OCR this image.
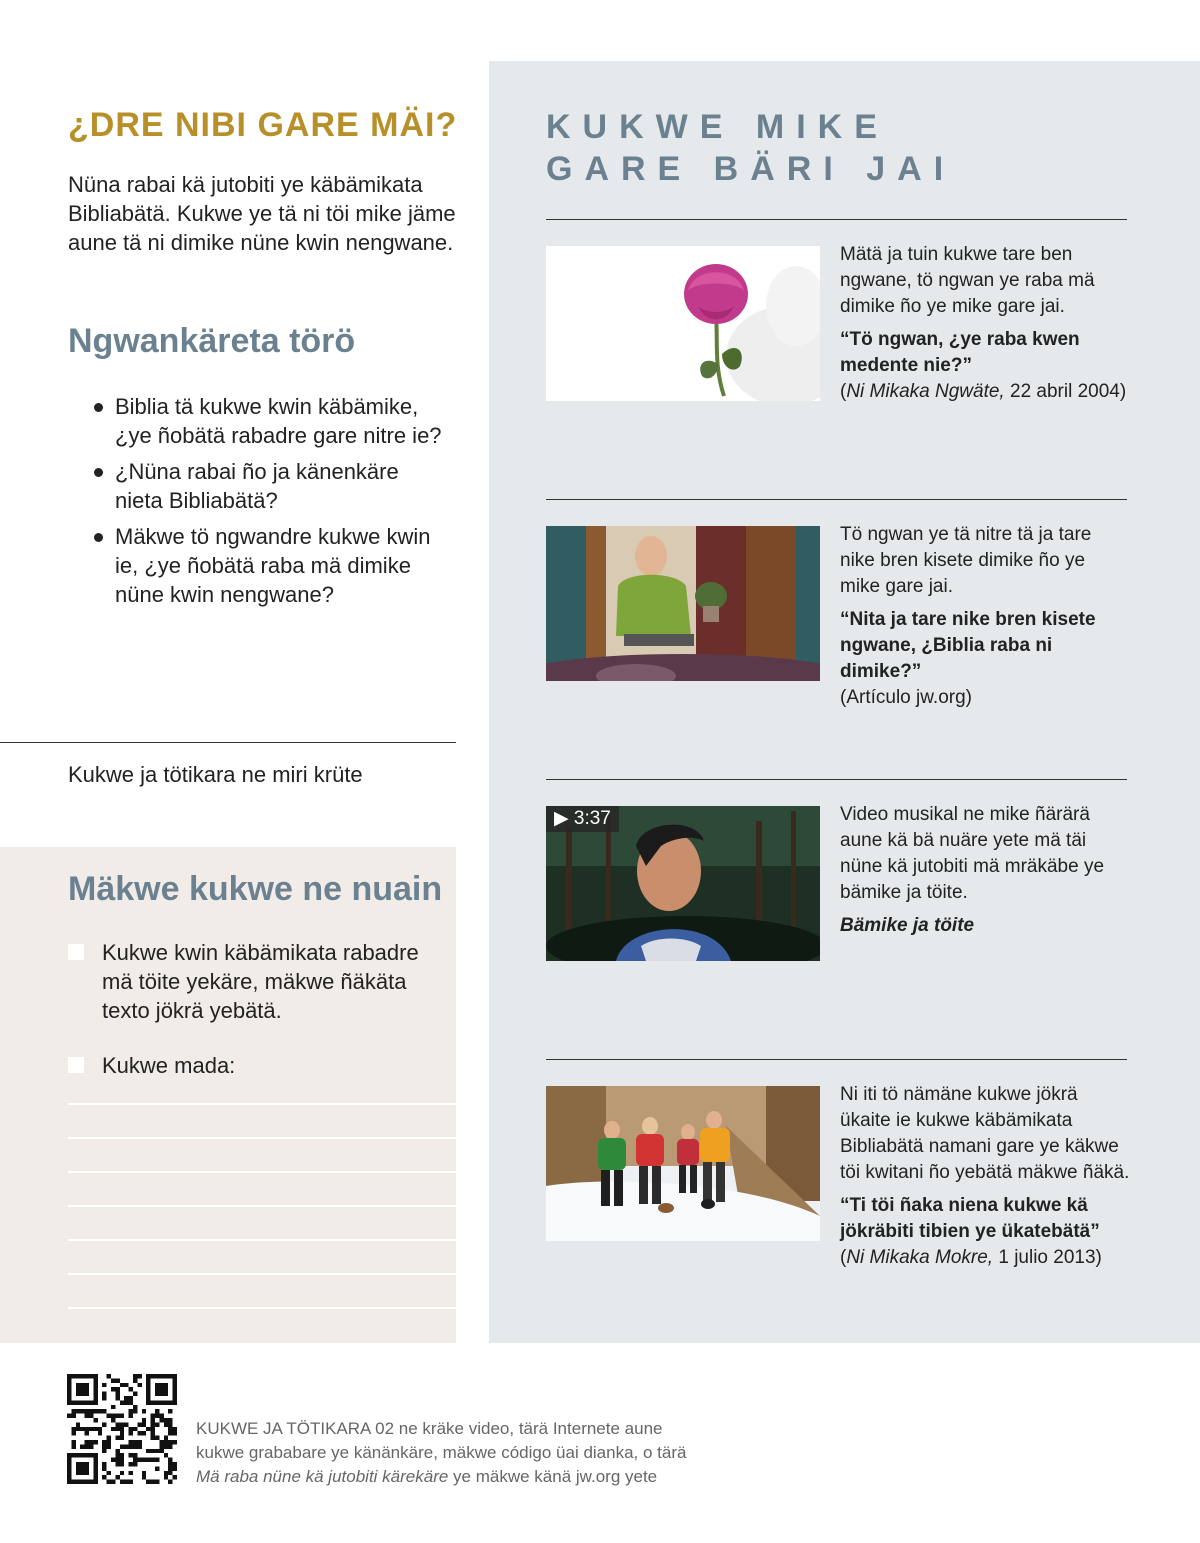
¿DRE NIBI GARE MÄI?
Nüna rabai kä jutobiti ye käbämikata Bibliabätä. Kukwe ye tä ni töi mike jäme aune tä ni dimike nüne kwin nengwane.
Ngwankäreta törö
Biblia tä kukwe kwin käbämike, ¿ye ñobätä rabadre gare nitre ie?
¿Nüna rabai ño ja känenkäre nieta Bibliabätä?
Mäkwe tö ngwandre kukwe kwin ie, ¿ye ñobätä raba mä dimike nüne kwin nengwane?
Kukwe ja tötikara ne miri krüte
Mäkwe kukwe ne nuain
Kukwe kwin käbämikata rabadre mä töite yekäre, mäkwe ñäkäta texto jökrä yebätä.
Kukwe mada:
KUKWE MIKE
GARE BÄRI JAI
Mätä ja tuin kukwe tare ben ngwane, tö ngwan ye raba mä dimike ño ye mike gare jai.
“Tö ngwan, ¿ye raba kwen medente nie?”
(Ni Mikaka Ngwäte, 22 abril 2004)
Tö ngwan ye tä nitre tä ja tare nike bren kisete dimike ño ye mike gare jai.
“Nita ja tare nike bren kisete ngwane, ¿Biblia raba ni dimike?”
(Artículo jw.org)
▶ 3:37	Video musikal ne mike ñärärä aune kä bä nuäre yete mä täi nüne kä jutobiti mä mräkäbe ye bämike ja töite.
Bämike ja töite
Ni iti tö nämäne kukwe jökrä ükaite ie kukwe käbämikata Bibliabätä namani gare ye käkwe töi kwitani ño yebätä mäkwe ñäkä.
“Ti töi ñaka niena kukwe kä jökräbiti tibien ye ükatebätä”
(Ni Mikaka Mokre, 1 julio 2013)
KUKWE JA TÖTIKARA 02 ne kräke video, tärä Internete aune
kukwe grababare ye känänkäre, mäkwe código üai dianka, o tärä
Mä raba nüne kä jutobiti kärekäre ye mäkwe känä jw.org yete
